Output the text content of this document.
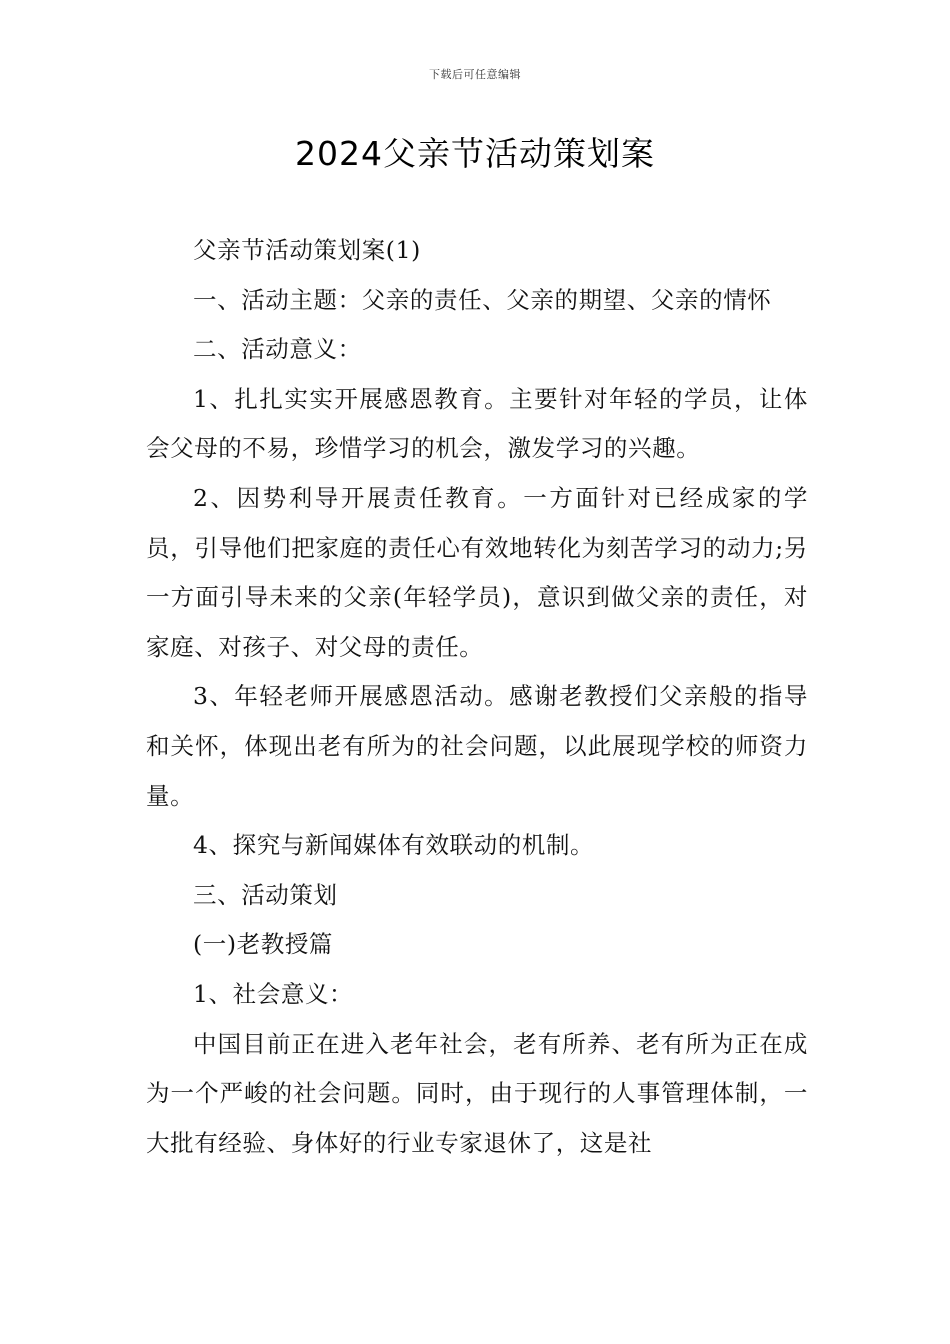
下载后可任意编辑
2024父亲节活动策划案

父亲节活动策划案(1)

一、活动主题：父亲的责任、父亲的期望、父亲的情怀

二、活动意义：

1、扎扎实实开展感恩教育。主要针对年轻的学员，让体会父母的不易，珍惜学习的机会，激发学习的兴趣。

2、因势利导开展责任教育。一方面针对已经成家的学员，引导他们把家庭的责任心有效地转化为刻苦学习的动力;另一方面引导未来的父亲(年轻学员)，意识到做父亲的责任，对家庭、对孩子、对父母的责任。

3、年轻老师开展感恩活动。感谢老教授们父亲般的指导和关怀，体现出老有所为的社会问题，以此展现学校的师资力量。

4、探究与新闻媒体有效联动的机制。

三、活动策划

(一)老教授篇

1、社会意义：

中国目前正在进入老年社会，老有所养、老有所为正在成为一个严峻的社会问题。同时，由于现行的人事管理体制，一大批有经验、身体好的行业专家退休了，这是社
